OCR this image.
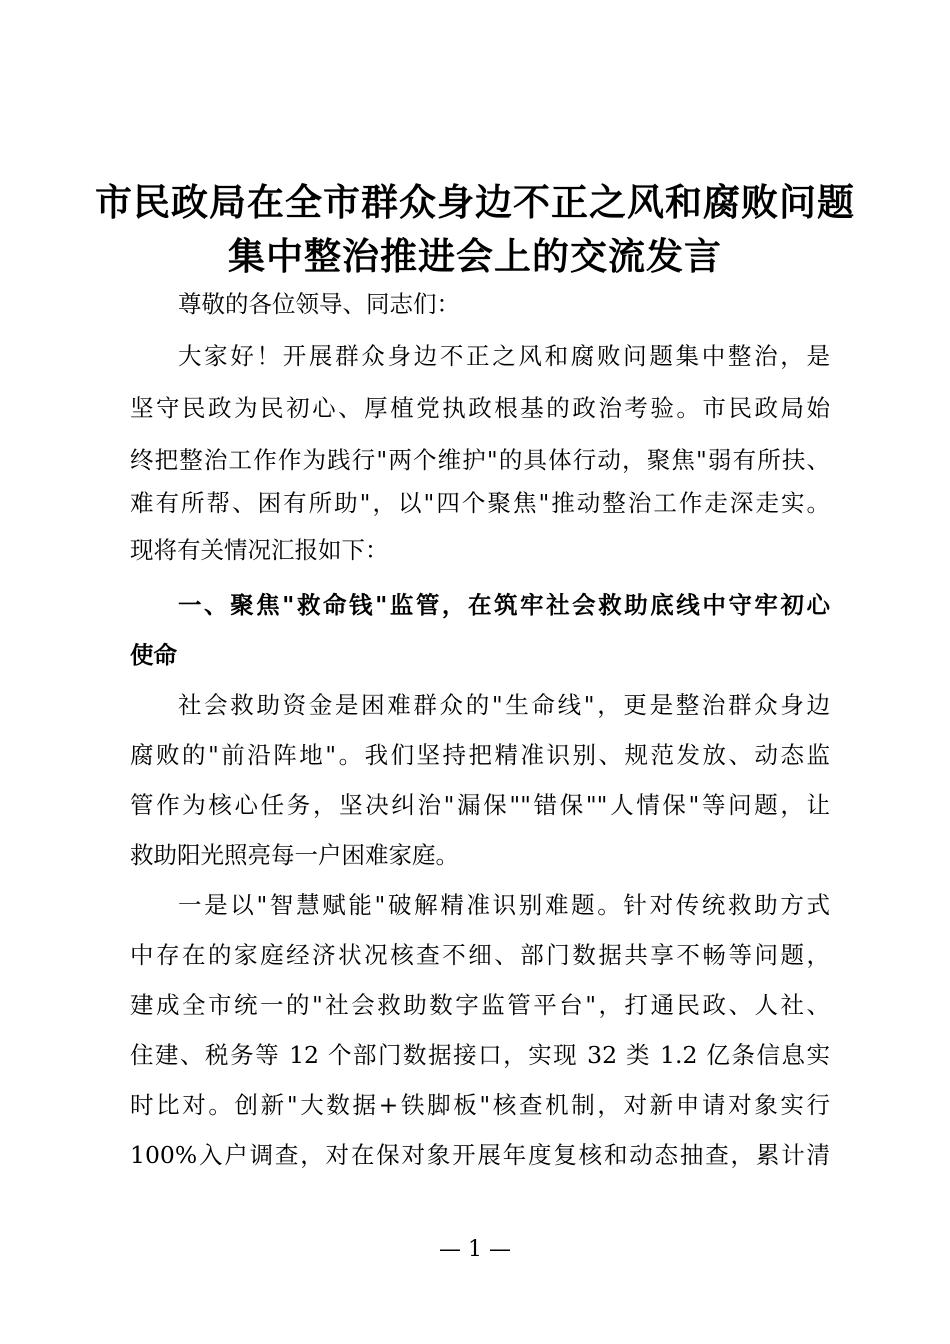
市民政局在全市群众身边不正之风和腐败问题
集中整治推进会上的交流发言
尊敬的各位领导、同志们：
大家好！开展群众身边不正之风和腐败问题集中整治，是
坚守民政为民初心、厚植党执政根基的政治考验。市民政局始
终把整治工作作为践行"两个维护"的具体行动，聚焦"弱有所扶、
难有所帮、困有所助"，以"四个聚焦"推动整治工作走深走实。
现将有关情况汇报如下：
一、聚焦"救命钱"监管，在筑牢社会救助底线中守牢初心
使命
社会救助资金是困难群众的"生命线"，更是整治群众身边
腐败的"前沿阵地"。我们坚持把精准识别、规范发放、动态监
管作为核心任务，坚决纠治"漏保""错保""人情保"等问题，让
救助阳光照亮每一户困难家庭。
一是以"智慧赋能"破解精准识别难题。针对传统救助方式
中存在的家庭经济状况核查不细、部门数据共享不畅等问题，
建成全市统一的"社会救助数字监管平台"，打通民政、人社、
住建、税务等 12 个部门数据接口，实现 32 类 1.2 亿条信息实
时比对。创新"大数据+铁脚板"核查机制，对新申请对象实行
100%入户调查，对在保对象开展年度复核和动态抽查，累计清
— 1 —
